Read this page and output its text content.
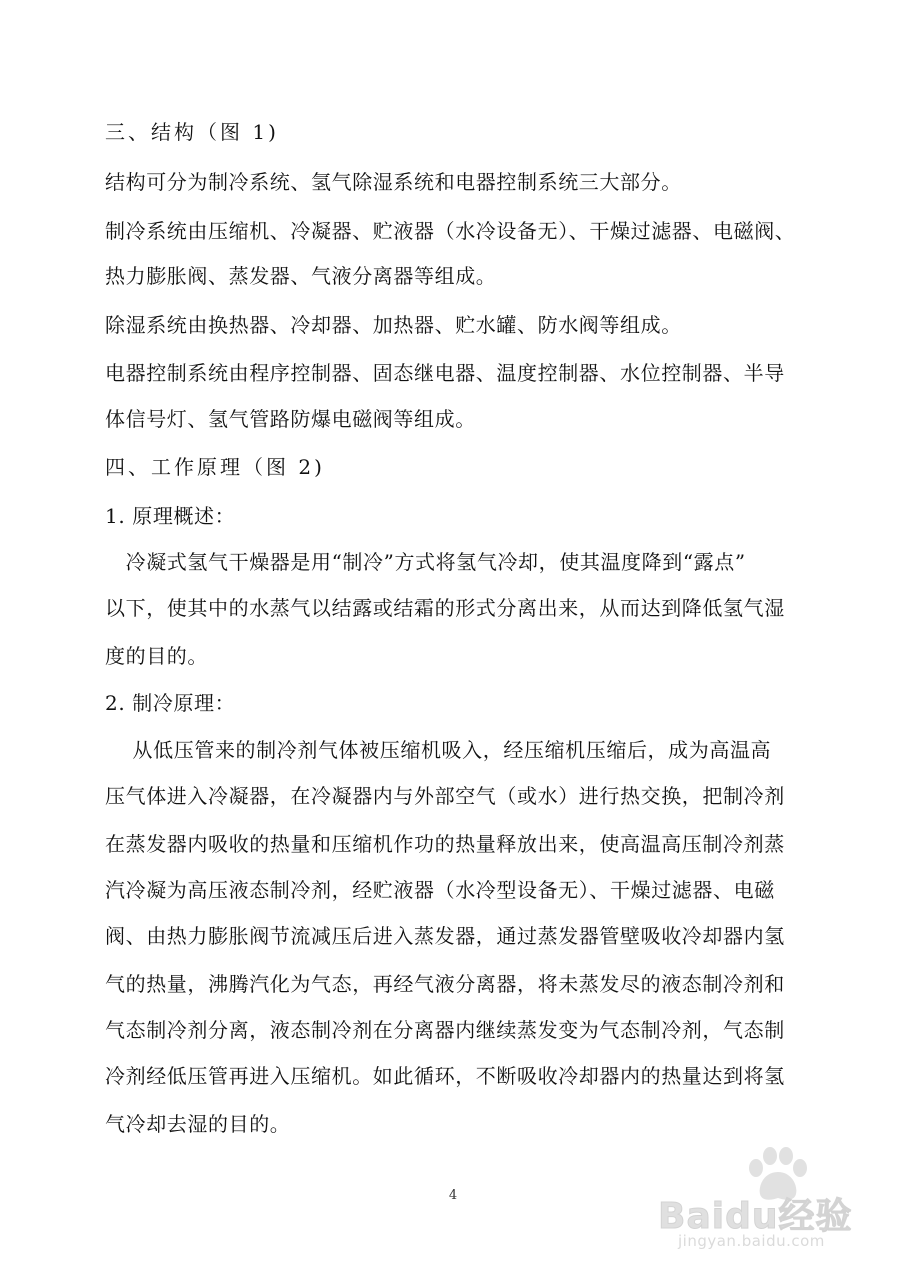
三、结构（图 1)
结构可分为制冷系统、氢气除湿系统和电器控制系统三大部分。
制冷系统由压缩机、冷凝器、贮液器（水冷设备无）、干燥过滤器、电磁阀、
热力膨胀阀、蒸发器、气液分离器等组成。
除湿系统由换热器、冷却器、加热器、贮水罐、防水阀等组成。
电器控制系统由程序控制器、固态继电器、温度控制器、水位控制器、半导
体信号灯、氢气管路防爆电磁阀等组成。
四、工作原理（图 2)
1. 原理概述：
　冷凝式氢气干燥器是用“制冷”方式将氢气冷却，使其温度降到“露点”
以下，使其中的水蒸气以结露或结霜的形式分离出来，从而达到降低氢气湿
度的目的。
2. 制冷原理：
　 从低压管来的制冷剂气体被压缩机吸入，经压缩机压缩后，成为高温高
压气体进入冷凝器，在冷凝器内与外部空气（或水）进行热交换，把制冷剂
在蒸发器内吸收的热量和压缩机作功的热量释放出来，使高温高压制冷剂蒸
汽冷凝为高压液态制冷剂，经贮液器（水冷型设备无）、干燥过滤器、电磁
阀、由热力膨胀阀节流减压后进入蒸发器，通过蒸发器管壁吸收冷却器内氢
气的热量，沸腾汽化为气态，再经气液分离器，将未蒸发尽的液态制冷剂和
气态制冷剂分离，液态制冷剂在分离器内继续蒸发变为气态制冷剂，气态制
冷剂经低压管再进入压缩机。如此循环，不断吸收冷却器内的热量达到将氢
气冷却去湿的目的。
4
Baidu经验
jingyan.baidu.com
